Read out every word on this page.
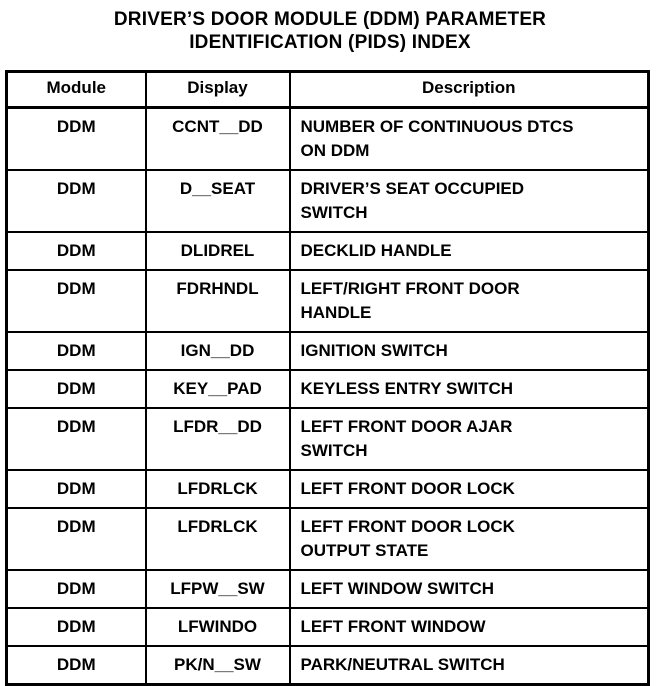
DRIVER’S DOOR MODULE (DDM) PARAMETER
IDENTIFICATION (PIDS) INDEX
Module	Display	Description
DDM	CCNT__DD	NUMBER OF CONTINUOUS DTCS
ON DDM

DDM	D__SEAT	DRIVER’S SEAT OCCUPIED
SWITCH

DDM	DLIDREL	DECKLID HANDLE

DDM	FDRHNDL	LEFT/RIGHT FRONT DOOR
HANDLE

DDM	IGN__DD	IGNITION SWITCH

DDM	KEY__PAD	KEYLESS ENTRY SWITCH

DDM	LFDR__DD	LEFT FRONT DOOR AJAR
SWITCH

DDM	LFDRLCK	LEFT FRONT DOOR LOCK

DDM	LFDRLCK	LEFT FRONT DOOR LOCK
OUTPUT STATE

DDM	LFPW__SW	LEFT WINDOW SWITCH

DDM	LFWINDO	LEFT FRONT WINDOW

DDM	PK/N__SW	PARK/NEUTRAL SWITCH
